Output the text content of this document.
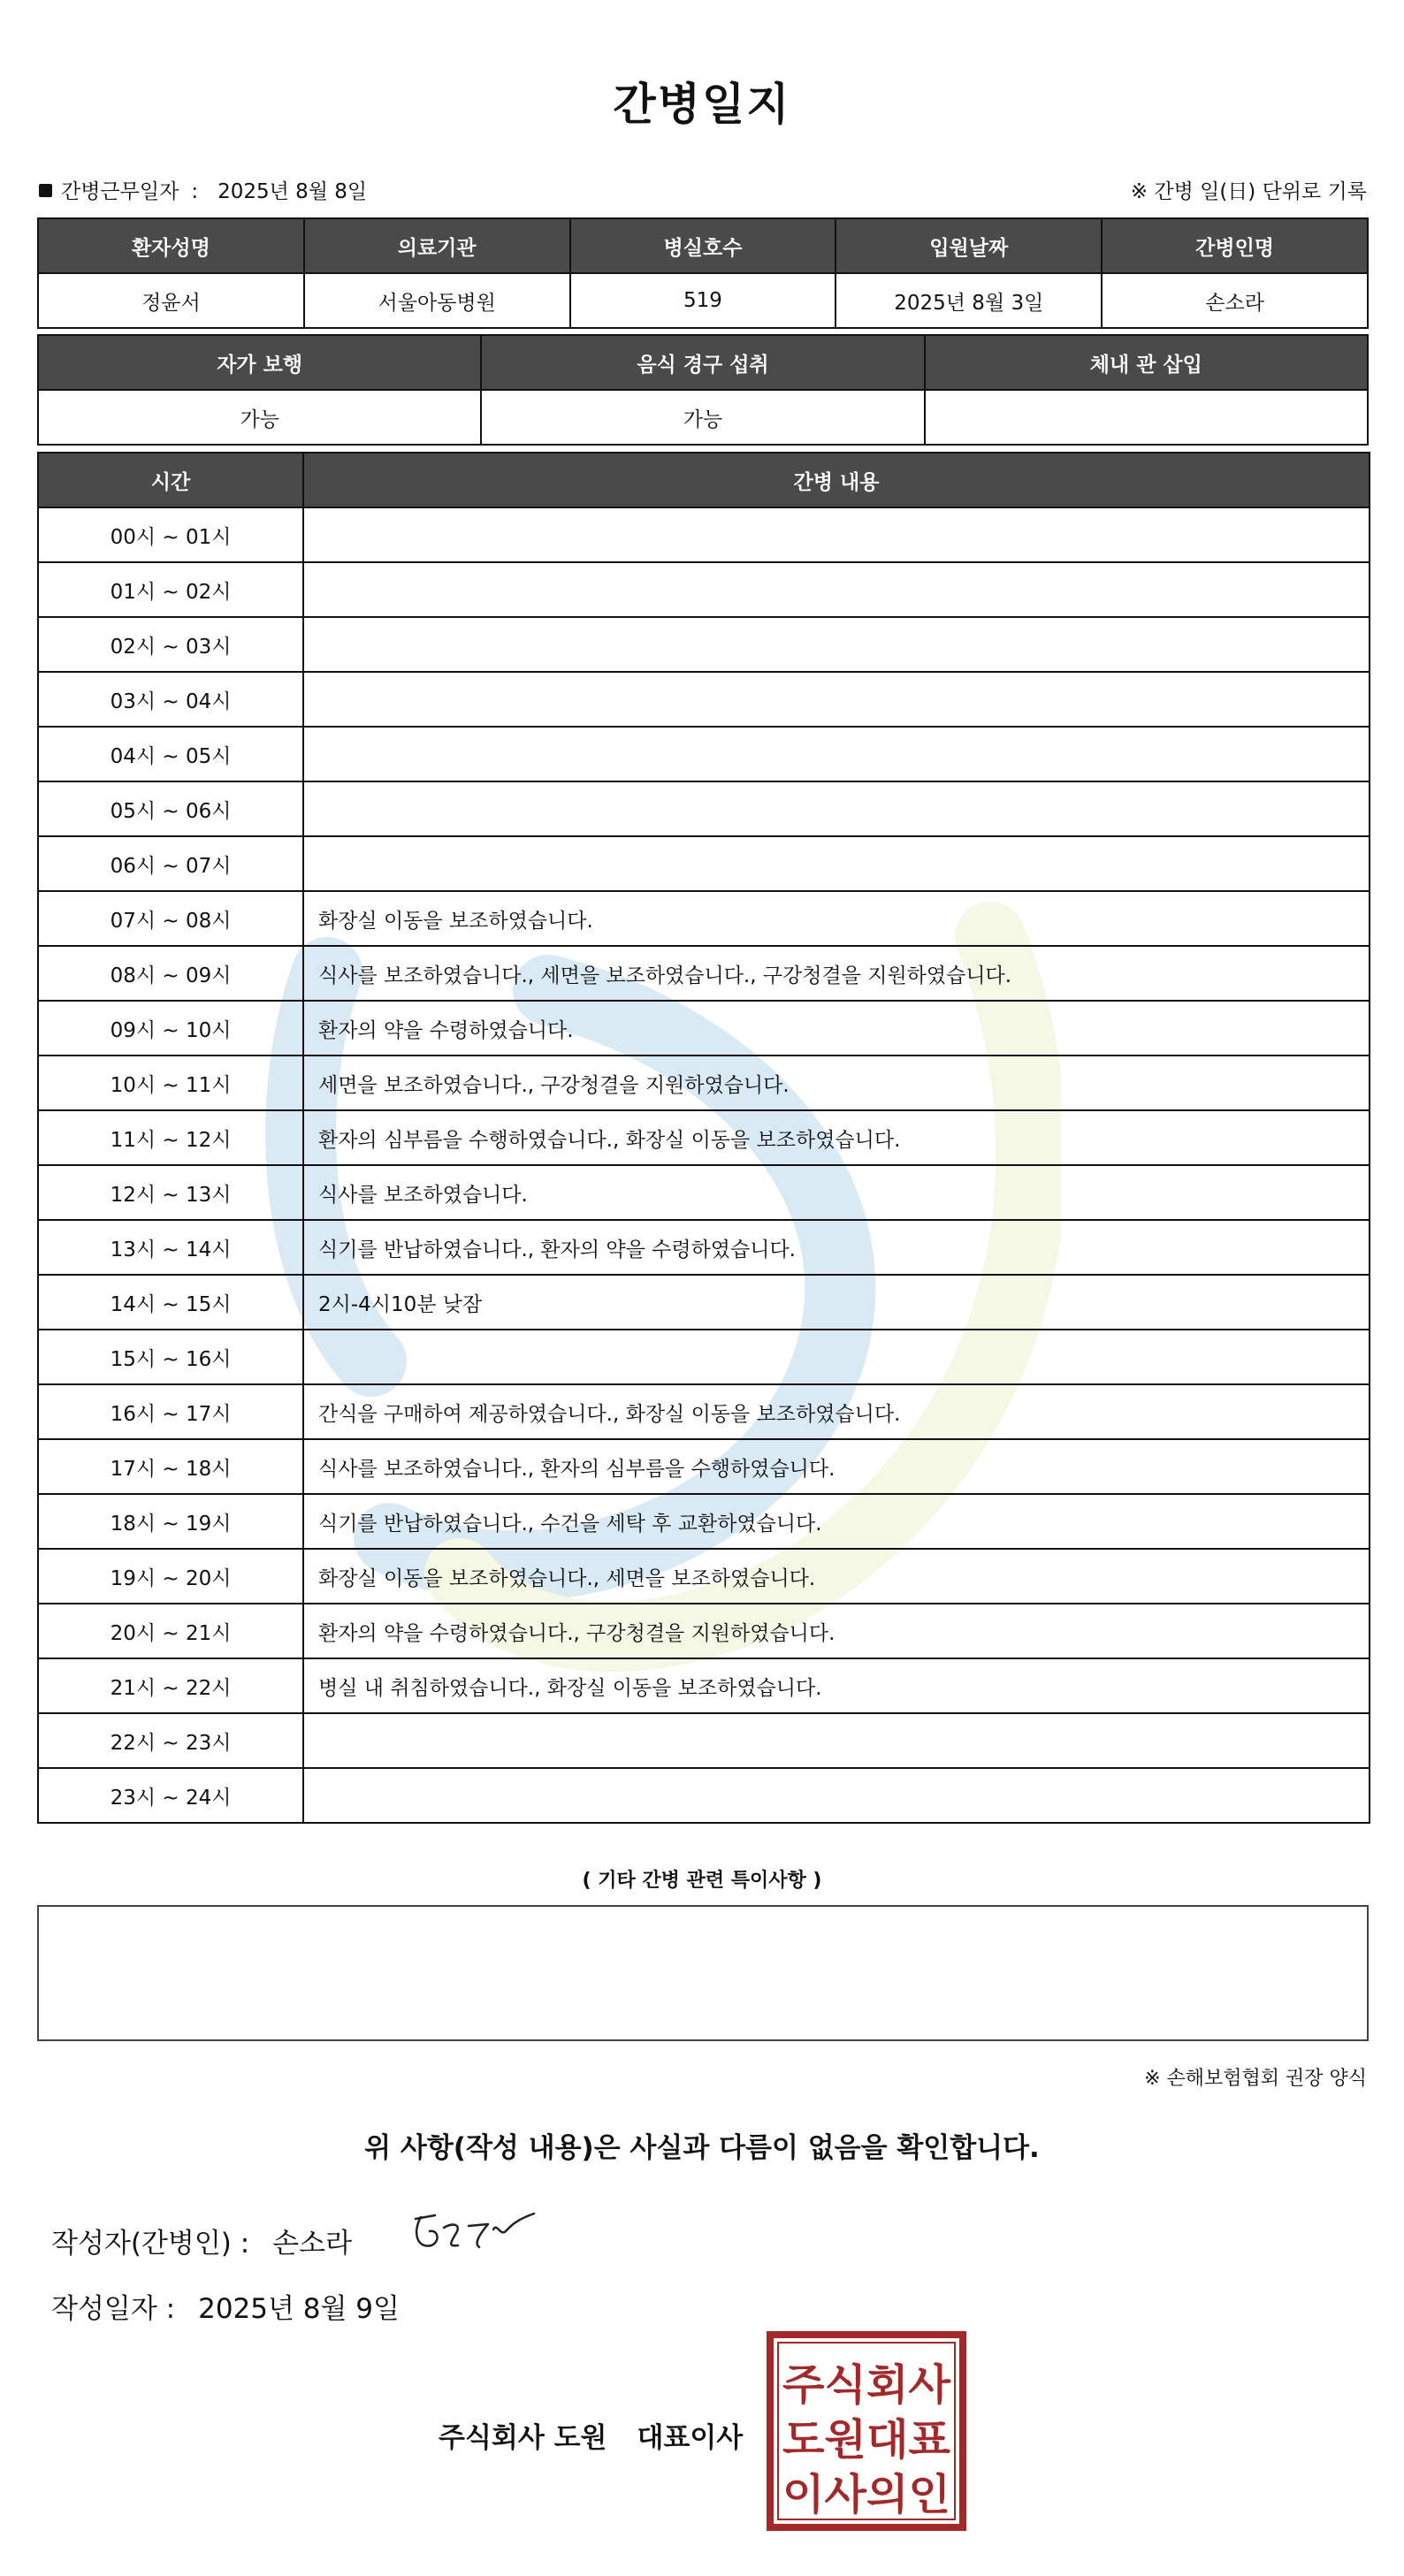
간병일지
간병근무일자 : 2025년 8월 8일	※ 간병 일(日) 단위로 기록
환자성명	의료기관	병실호수	입원날짜	간병인명
정윤서	서울아동병원	519	2025년 8월 3일	손소라
자가 보행	음식 경구 섭취	체내 관 삽입
가능	가능	
시간	간병 내용
00시 ~ 01시	
01시 ~ 02시	
02시 ~ 03시	
03시 ~ 04시	
04시 ~ 05시	
05시 ~ 06시	
06시 ~ 07시	
07시 ~ 08시	화장실 이동을 보조하였습니다.
08시 ~ 09시	식사를 보조하였습니다., 세면을 보조하였습니다., 구강청결을 지원하였습니다.
09시 ~ 10시	환자의 약을 수령하였습니다.
10시 ~ 11시	세면을 보조하였습니다., 구강청결을 지원하였습니다.
11시 ~ 12시	환자의 심부름을 수행하였습니다., 화장실 이동을 보조하였습니다.
12시 ~ 13시	식사를 보조하였습니다.
13시 ~ 14시	식기를 반납하였습니다., 환자의 약을 수령하였습니다.
14시 ~ 15시	2시-4시10분 낮잠
15시 ~ 16시	
16시 ~ 17시	간식을 구매하여 제공하였습니다., 화장실 이동을 보조하였습니다.
17시 ~ 18시	식사를 보조하였습니다., 환자의 심부름을 수행하였습니다.
18시 ~ 19시	식기를 반납하였습니다., 수건을 세탁 후 교환하였습니다.
19시 ~ 20시	화장실 이동을 보조하였습니다., 세면을 보조하였습니다.
20시 ~ 21시	환자의 약을 수령하였습니다., 구강청결을 지원하였습니다.
21시 ~ 22시	병실 내 취침하였습니다., 화장실 이동을 보조하였습니다.
22시 ~ 23시	
23시 ~ 24시	
( 기타 간병 관련 특이사항 )
※ 손해보험협회 권장 양식
위 사항(작성 내용)은 사실과 다름이 없음을 확인합니다.
작성자(간병인) : 손소라
작성일자 : 2025년 8월 9일
주식회사 도원 대표이사
주식회사
도원대표
이사의인
